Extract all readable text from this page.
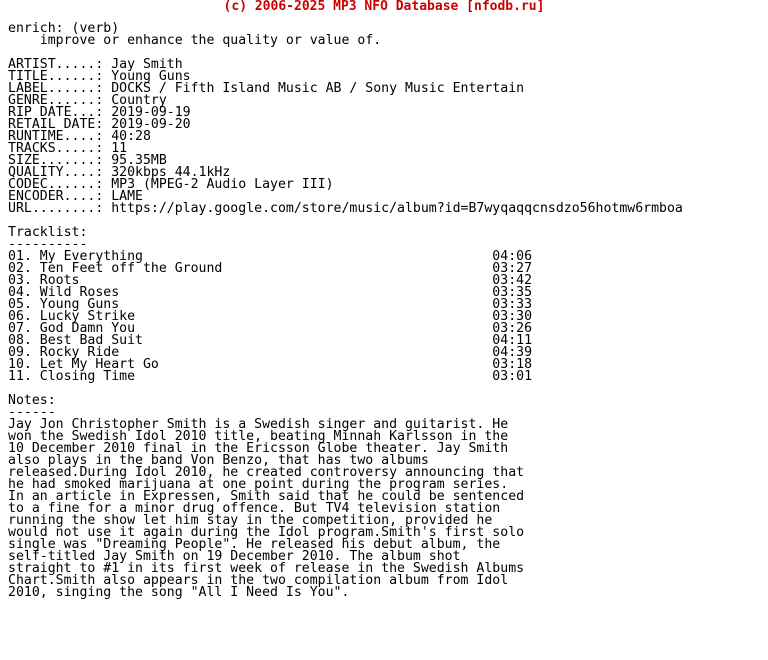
(c) 2006-2025 MP3 NFO Database [nfodb.ru]
enrich: (verb)
improve or enhance the quality or value of.
ARTIST.....: Jay Smith
TITLE......: Young Guns
LABEL......: DOCKS / Fifth Island Music AB / Sony Music Entertain
GENRE......: Country
RIP DATE...: 2019-09-19
RETAIL DATE: 2019-09-20
RUNTIME....: 40:28
TRACKS.....: 11
SIZE.......: 95.35MB
QUALITY....: 320kbps 44.1kHz
CODEC......: MP3 (MPEG-2 Audio Layer III)
ENCODER....: LAME
URL........: https://play.google.com/store/music/album?id=B7wyqaqqcnsdzo56hotmw6rmboa
Tracklist:
----------
01. My Everything                                            04:06
02. Ten Feet off the Ground                                  03:27
03. Roots                                                    03:42
04. Wild Roses                                               03:35
05. Young Guns                                               03:33
06. Lucky Strike                                             03:30
07. God Damn You                                             03:26
08. Best Bad Suit                                            04:11
09. Rocky Ride                                               04:39
10. Let My Heart Go                                          03:18
11. Closing Time                                             03:01
Notes:
------
Jay Jon Christopher Smith is a Swedish singer and guitarist. He
won the Swedish Idol 2010 title, beating Minnah Karlsson in the
10 December 2010 final in the Ericsson Globe theater. Jay Smith
also plays in the band Von Benzo, that has two albums
released.During Idol 2010, he created controversy announcing that
he had smoked marijuana at one point during the program series.
In an article in Expressen, Smith said that he could be sentenced
to a fine for a minor drug offence. But TV4 television station
running the show let him stay in the competition, provided he
would not use it again during the Idol program.Smith's first solo
single was "Dreaming People". He released his debut album, the
self-titled Jay Smith on 19 December 2010. The album shot
straight to #1 in its first week of release in the Swedish Albums
Chart.Smith also appears in the two compilation album from Idol
2010, singing the song "All I Need Is You".
